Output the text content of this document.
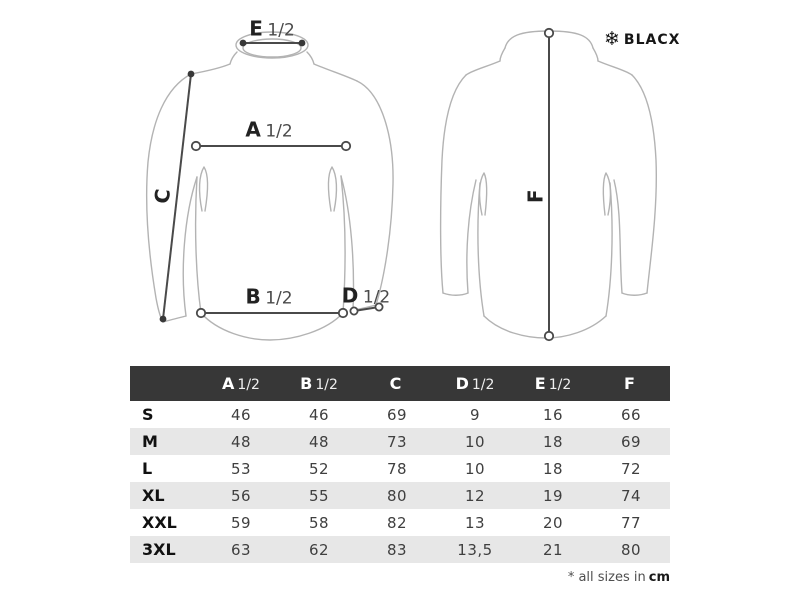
E 1/2
A 1/2
B 1/2
C
D 1/2
F
❄ BLACX
	A 1/2	B 1/2	C	D 1/2	E 1/2	F
S	46	46	69	9	16	66
M	48	48	73	10	18	69
L	53	52	78	10	18	72
XL	56	55	80	12	19	74
XXL	59	58	82	13	20	77
3XL	63	62	83	13,5	21	80
* all sizes in cm
